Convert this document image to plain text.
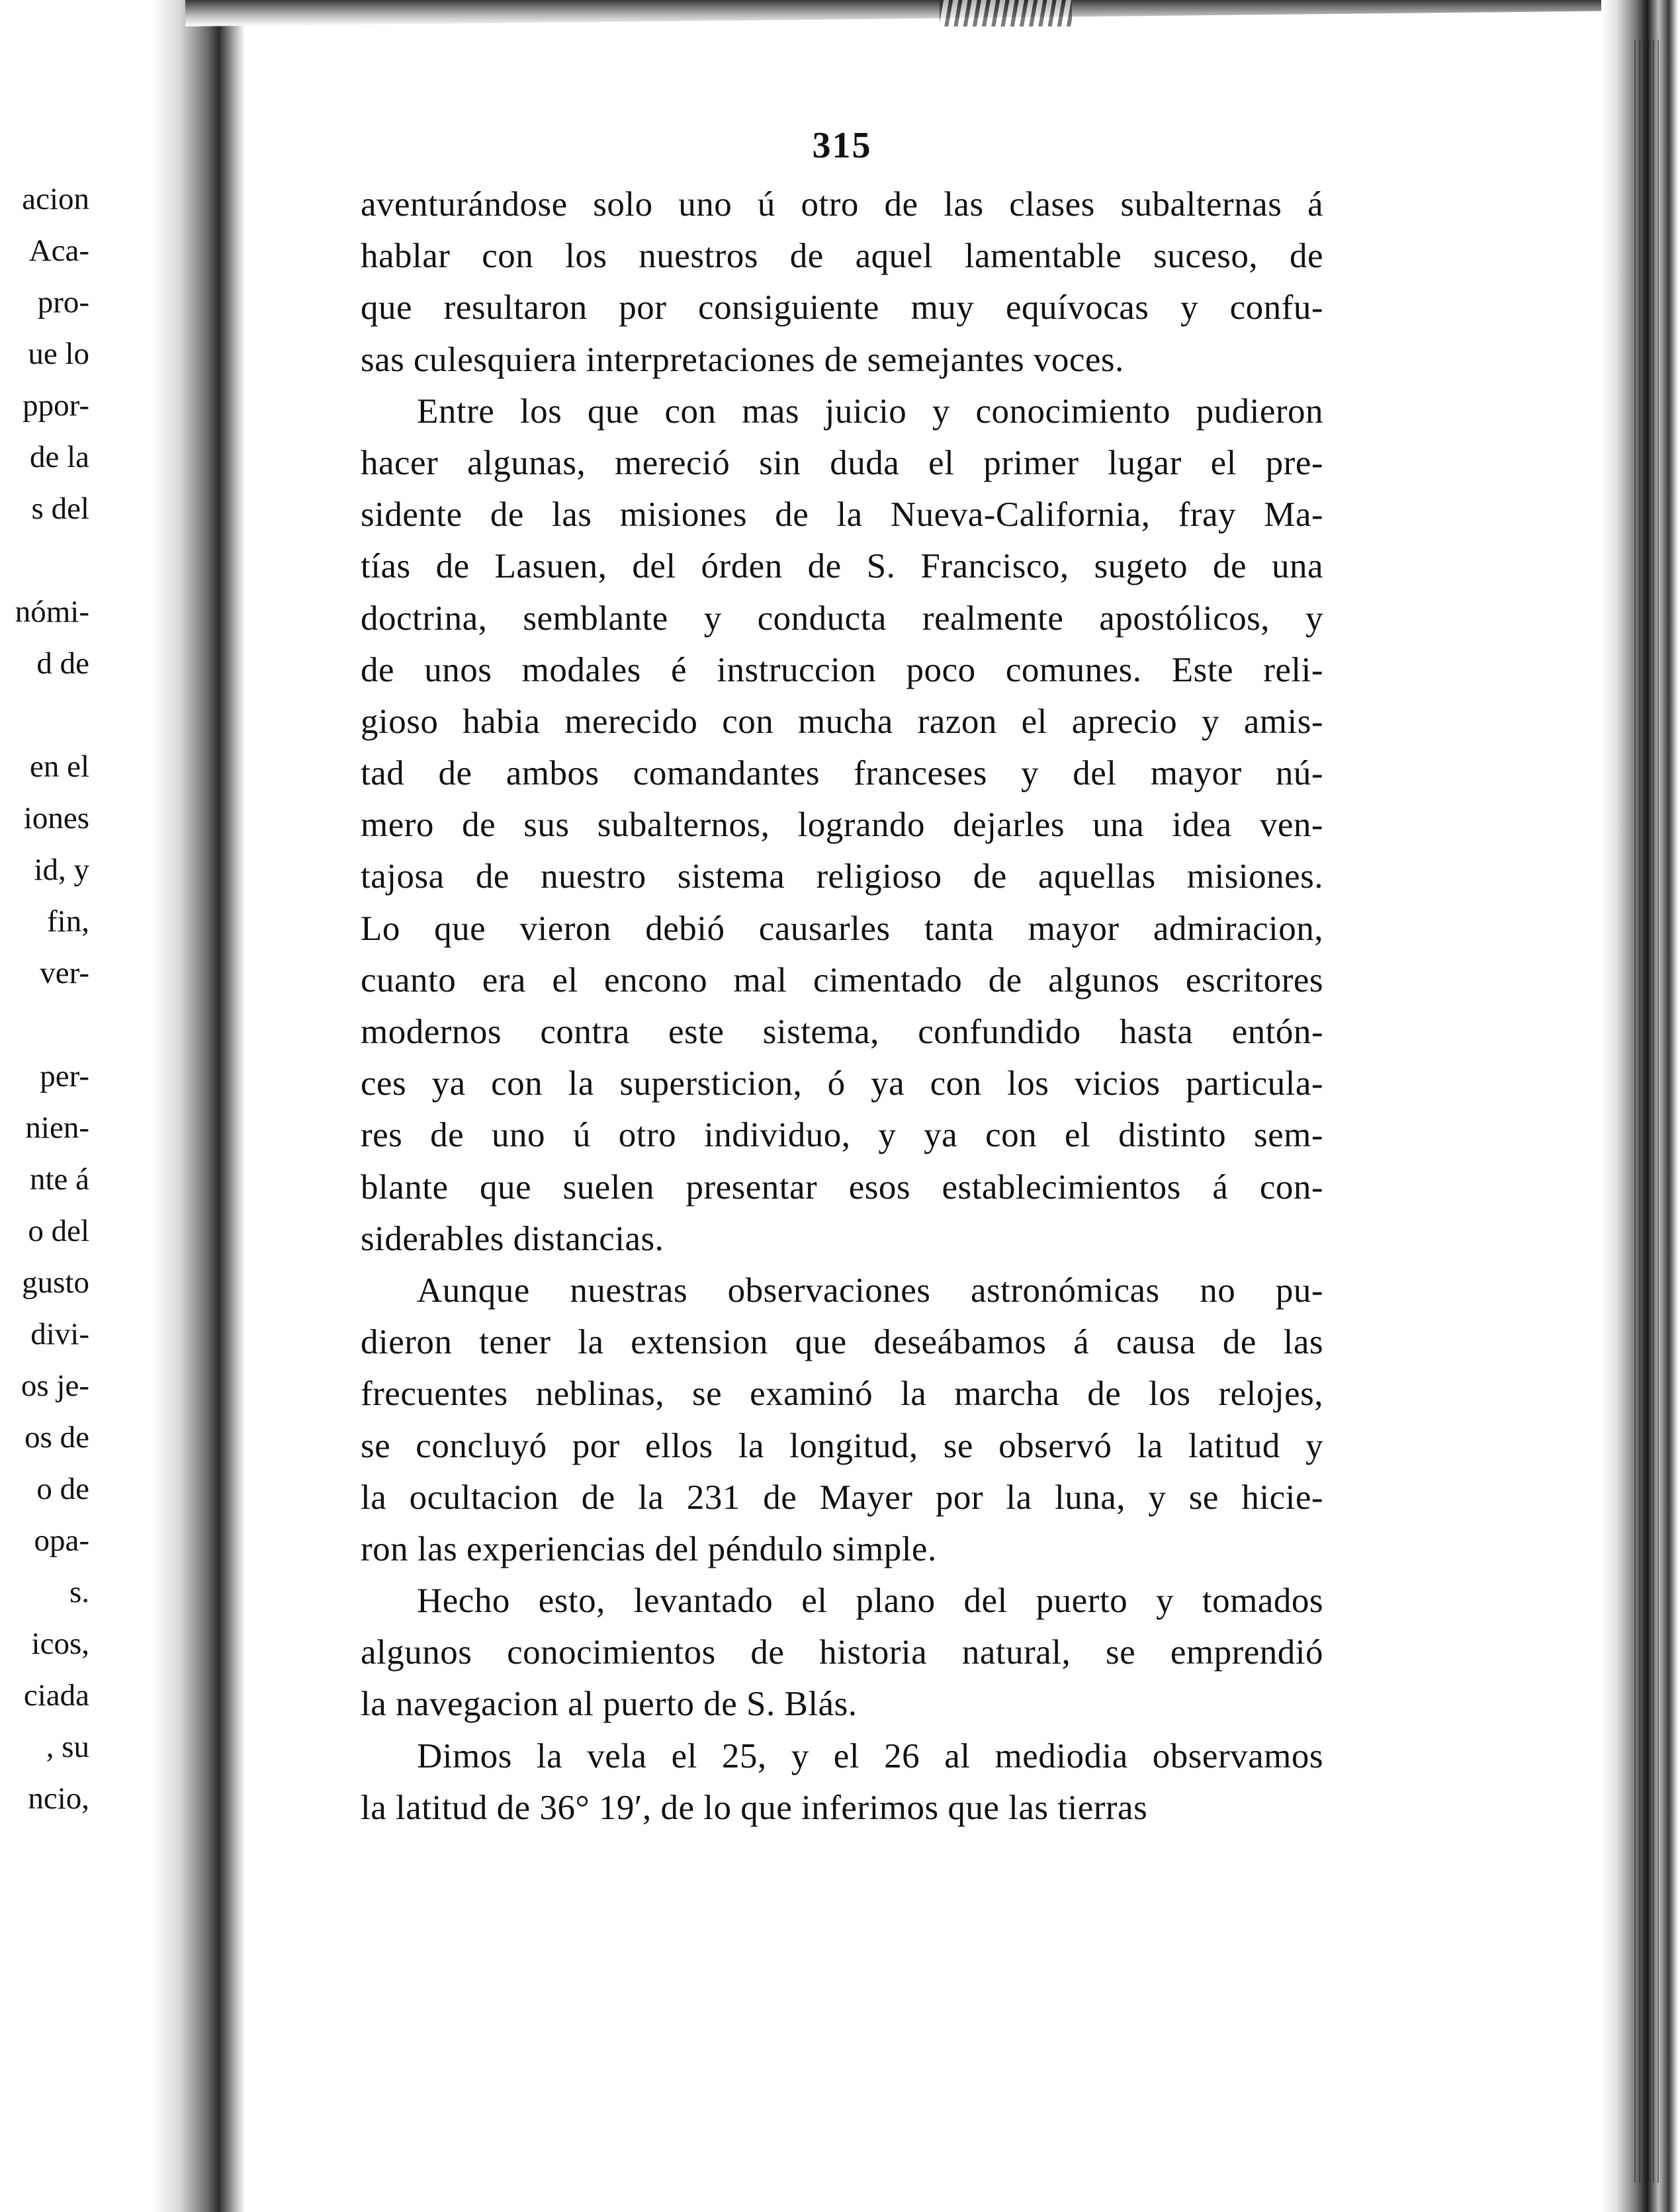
acion
Aca-
pro-
ue lo
ppor-
de la
s del
nómi-
d de
en el
iones
id, y
fin,
ver-
per-
nien-
nte á
o del
gusto
divi-
os je-
os de
o de
opa-
s.
icos,
ciada
, su
ncio,
315
aventurándose solo uno ú otro de las clases subalternas á
hablar con los nuestros de aquel lamentable suceso, de
que resultaron por consiguiente muy equívocas y confu-
sas culesquiera interpretaciones de semejantes voces.
Entre los que con mas juicio y conocimiento pudieron
hacer algunas, mereció sin duda el primer lugar el pre-
sidente de las misiones de la Nueva-California, fray Ma-
tías de Lasuen, del órden de S. Francisco, sugeto de una
doctrina, semblante y conducta realmente apostólicos, y
de unos modales é instruccion poco comunes. Este reli-
gioso habia merecido con mucha razon el aprecio y amis-
tad de ambos comandantes franceses y del mayor nú-
mero de sus subalternos, logrando dejarles una idea ven-
tajosa de nuestro sistema religioso de aquellas misiones.
Lo que vieron debió causarles tanta mayor admiracion,
cuanto era el encono mal cimentado de algunos escritores
modernos contra este sistema, confundido hasta entón-
ces ya con la supersticion, ó ya con los vicios particula-
res de uno ú otro individuo, y ya con el distinto sem-
blante que suelen presentar esos establecimientos á con-
siderables distancias.
Aunque nuestras observaciones astronómicas no pu-
dieron tener la extension que deseábamos á causa de las
frecuentes neblinas, se examinó la marcha de los relojes,
se concluyó por ellos la longitud, se observó la latitud y
la ocultacion de la 231 de Mayer por la luna, y se hicie-
ron las experiencias del péndulo simple.
Hecho esto, levantado el plano del puerto y tomados
algunos conocimientos de historia natural, se emprendió
la navegacion al puerto de S. Blás.
Dimos la vela el 25, y el 26 al mediodia observamos
la latitud de 36° 19′, de lo que inferimos que las tierras
